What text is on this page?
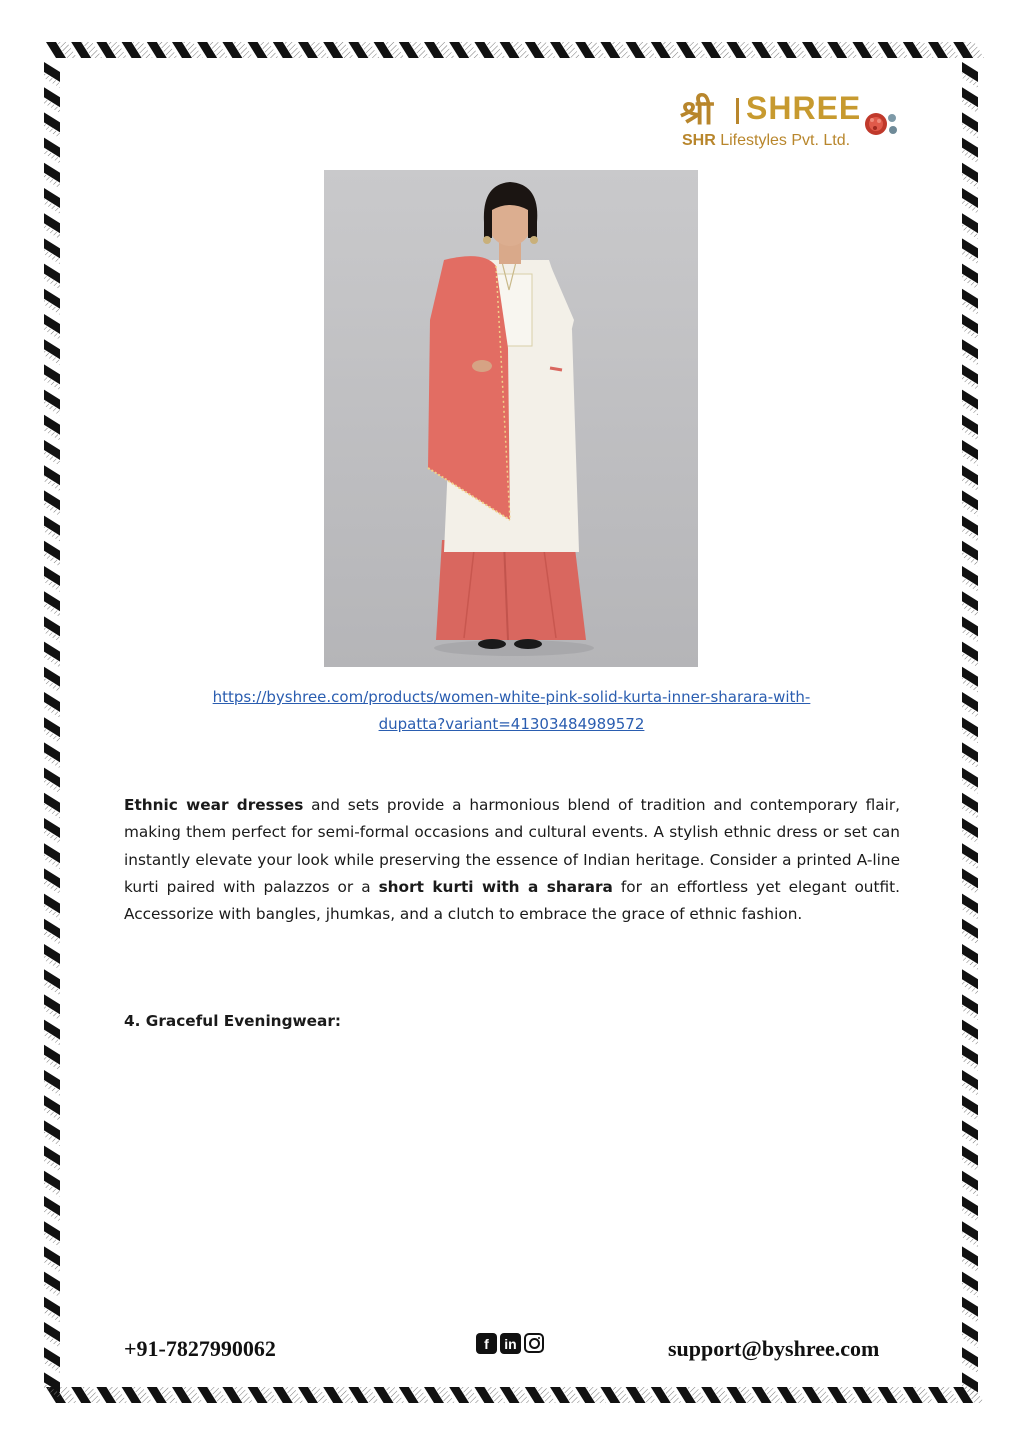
श्री SHREE
SHR Lifestyles Pvt. Ltd.
https://byshree.com/products/women-white-pink-solid-kurta-inner-sharara-with-
dupatta?variant=41303484989572
Ethnic wear dresses and sets provide a harmonious blend of tradition and contemporary flair, making them perfect for semi-formal occasions and cultural events. A stylish ethnic dress or set can instantly elevate your look while preserving the essence of Indian heritage. Consider a printed A-line kurti paired with palazzos or a short kurti with a sharara for an effortless yet elegant outfit. Accessorize with bangles, jhumkas, and a clutch to embrace the grace of ethnic fashion.
4. Graceful Eveningwear:
+91-7827990062	f	in	support@byshree.com
